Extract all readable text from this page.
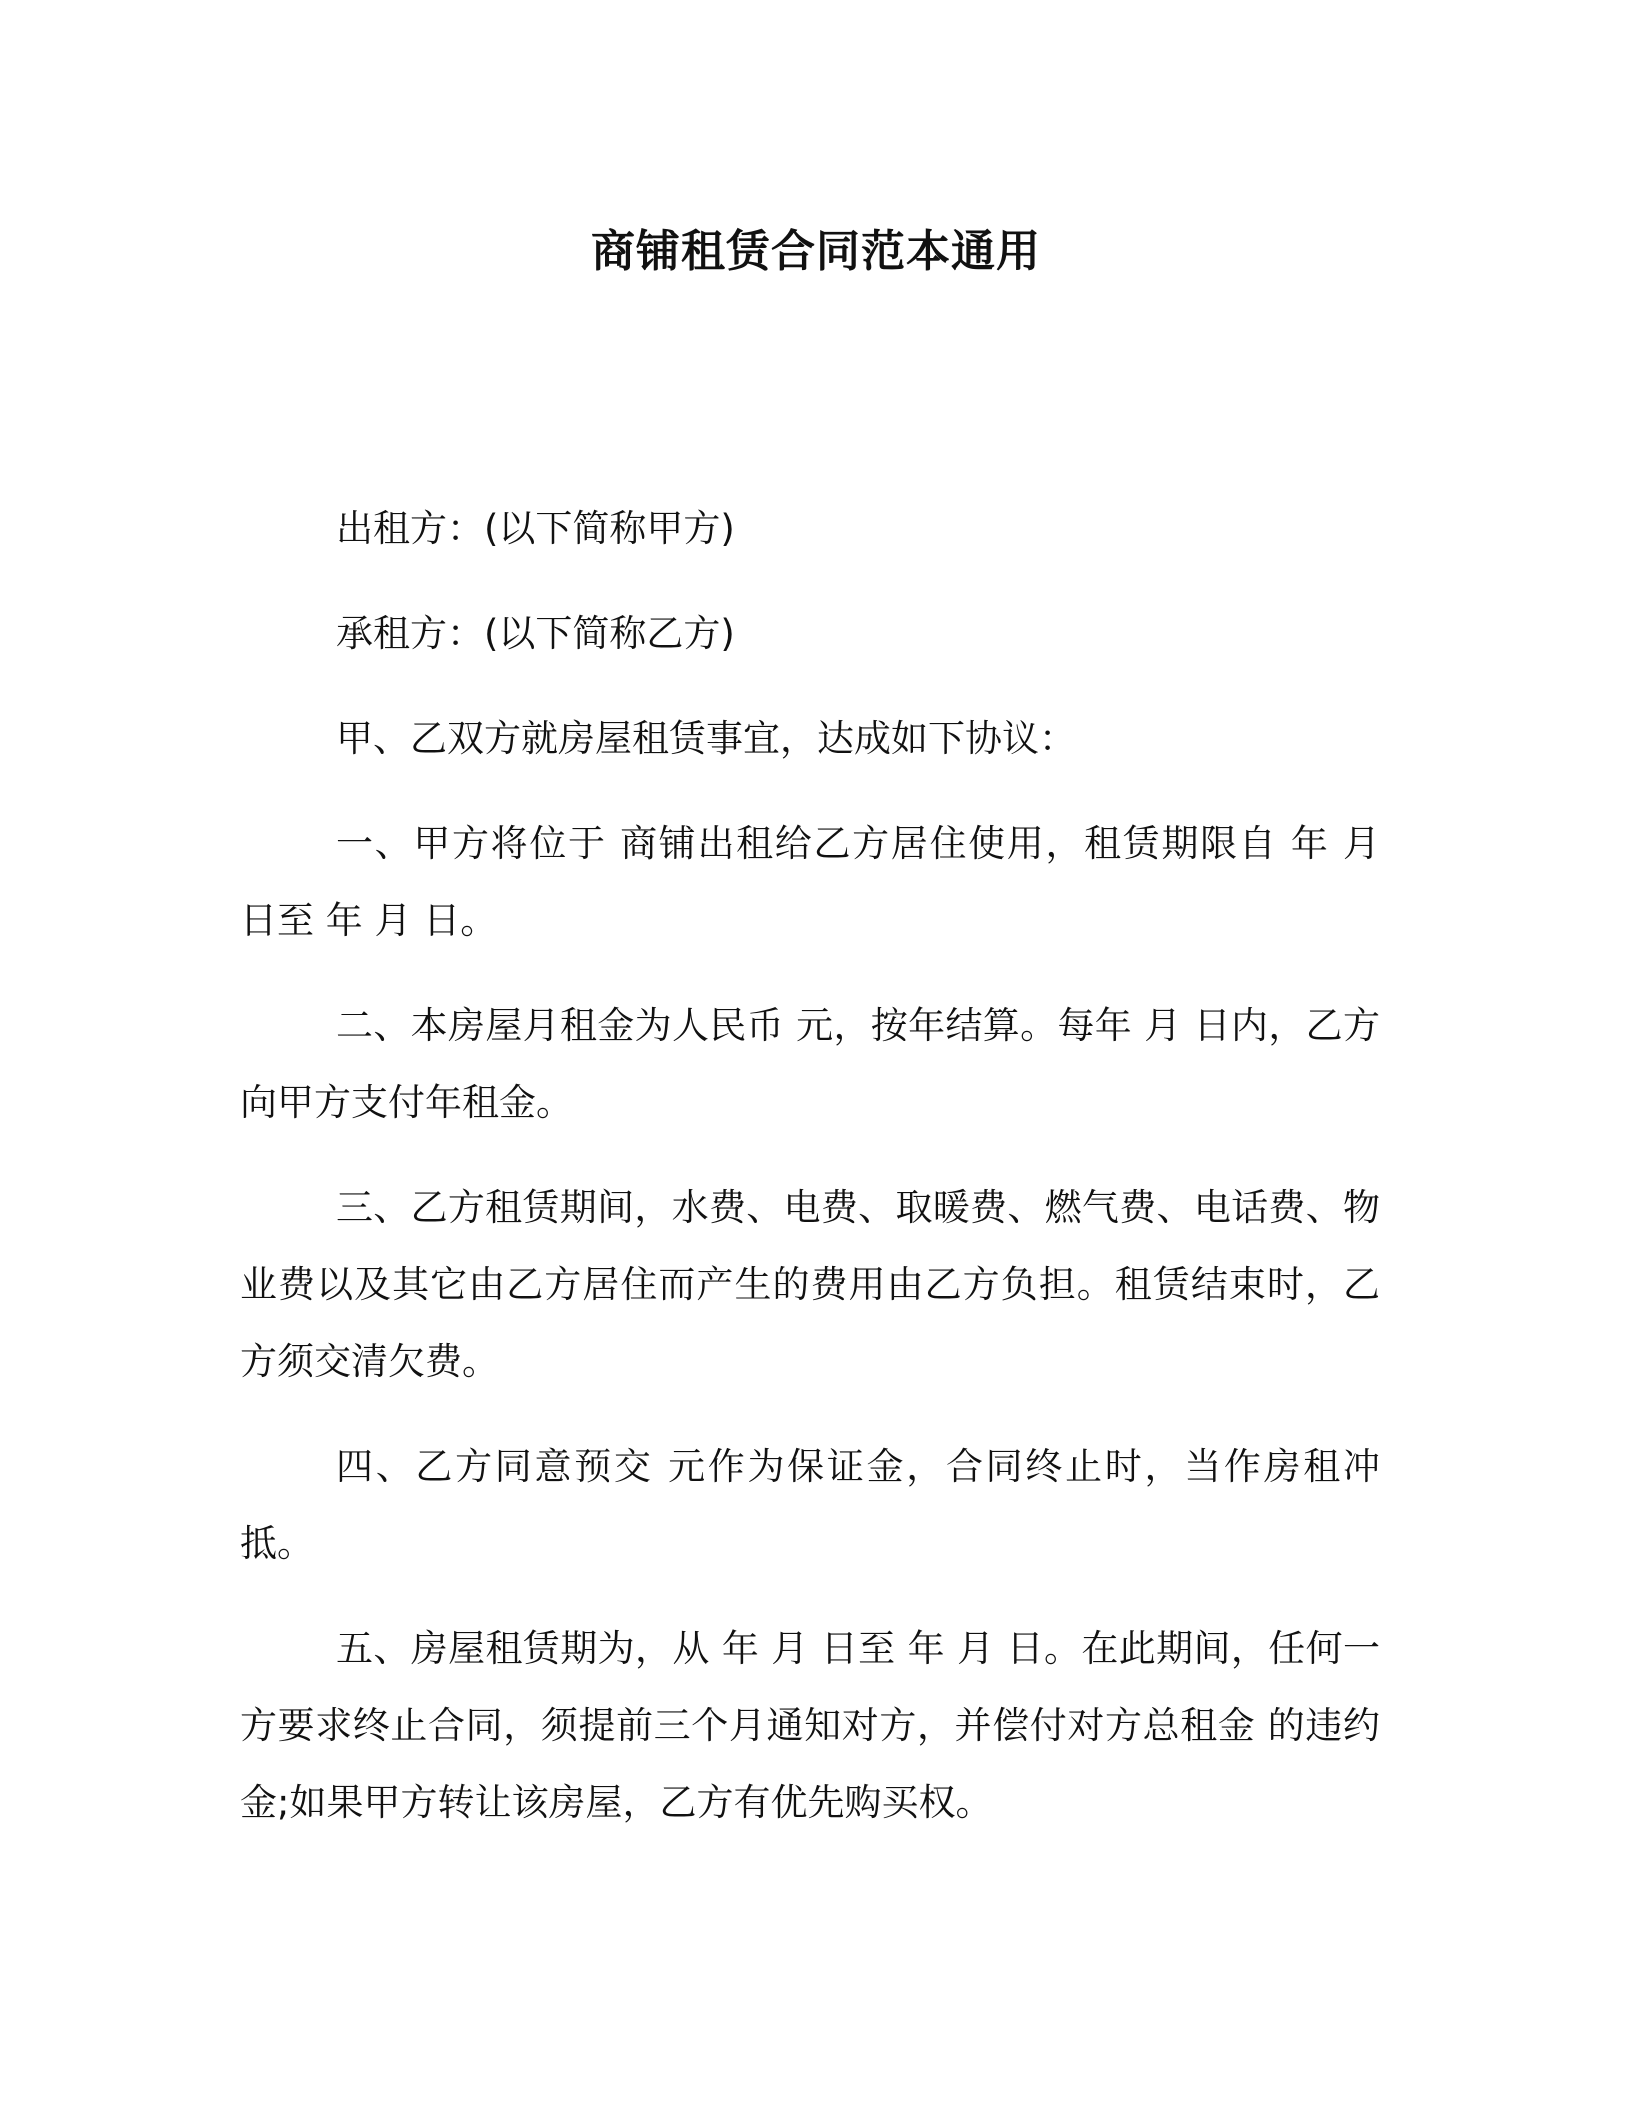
商铺租赁合同范本通用

出租方：(以下简称甲方)

承租方：(以下简称乙方)

甲、乙双方就房屋租赁事宜，达成如下协议：

一、甲方将位于 商铺出租给乙方居住使用，租赁期限自 年 月 日至 年 月 日。

二、本房屋月租金为人民币 元，按年结算。每年 月 日内，乙方向甲方支付年租金。

三、乙方租赁期间，水费、电费、取暖费、燃气费、电话费、物业费以及其它由乙方居住而产生的费用由乙方负担。租赁结束时，乙方须交清欠费。

四、乙方同意预交 元作为保证金，合同终止时，当作房租冲抵。

五、房屋租赁期为，从 年 月 日至 年 月 日。在此期间，任何一方要求终止合同，须提前三个月通知对方，并偿付对方总租金 的违约金;如果甲方转让该房屋，乙方有优先购买权。
